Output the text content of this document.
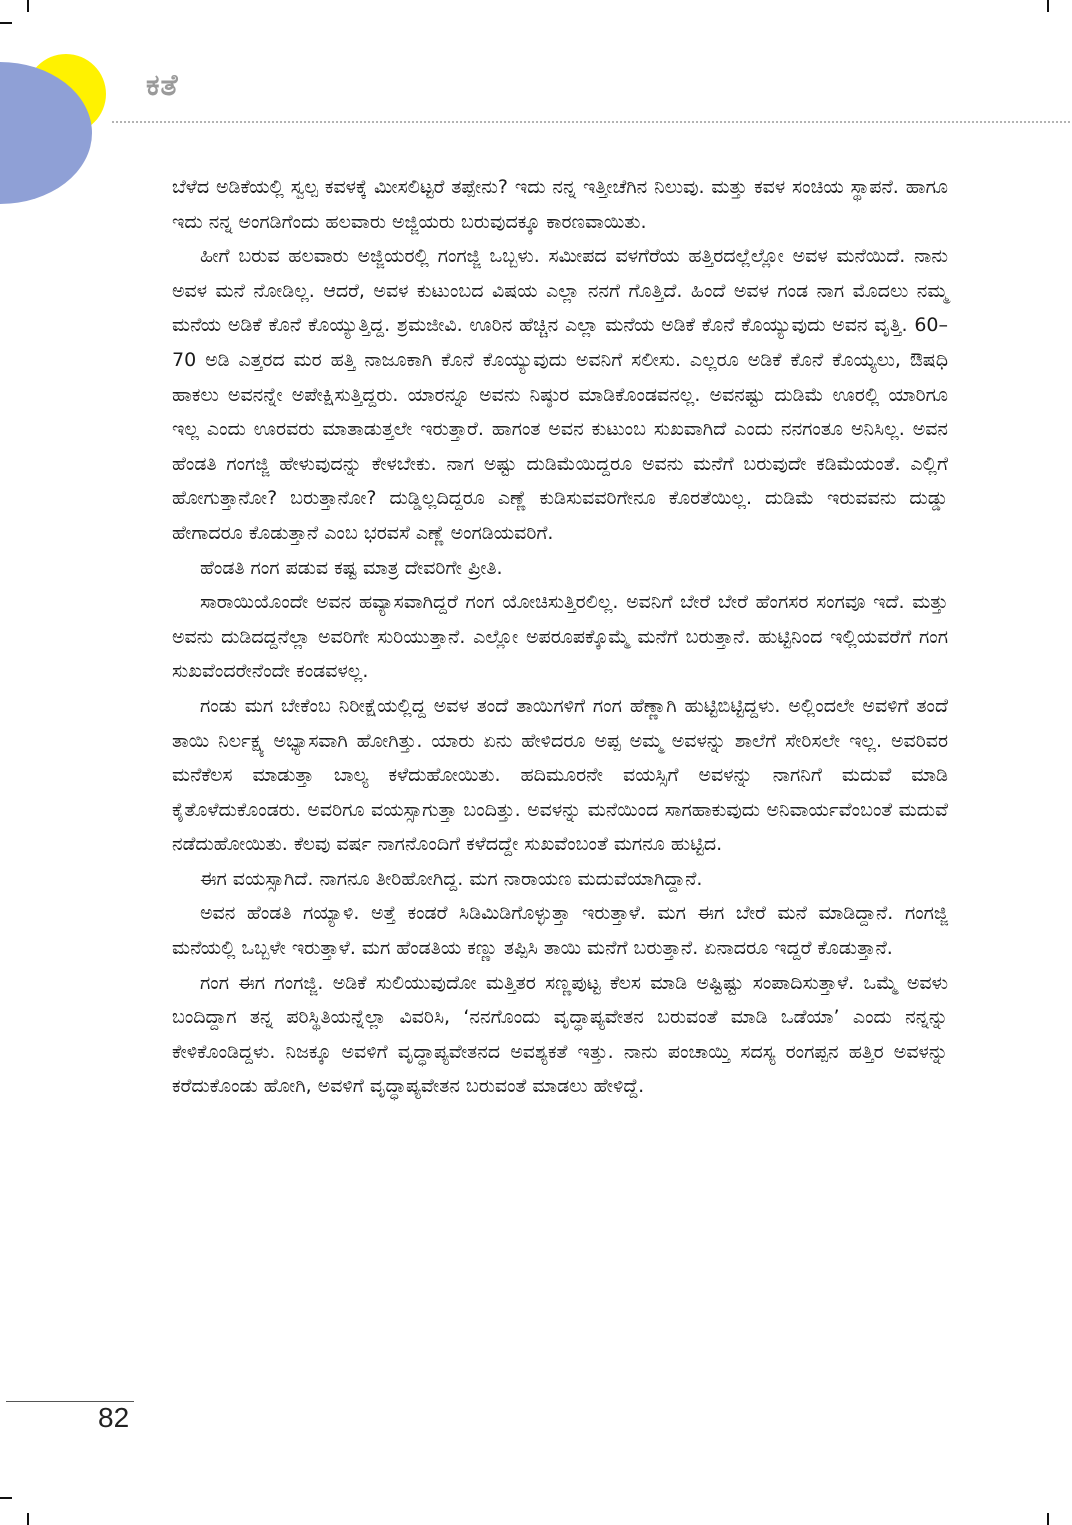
ಕತೆ

ಬೆಳೆದ ಅಡಿಕೆಯಲ್ಲಿ ಸ್ವಲ್ಪ ಕವಳಕ್ಕೆ ಮೀಸಲಿಟ್ಟರೆ ತಪ್ಪೇನು? ಇದು ನನ್ನ ಇತ್ತೀಚೆಗಿನ ನಿಲುವು. ಮತ್ತು ಕವಳ ಸಂಚಿಯ ಸ್ಥಾಪನೆ. ಹಾಗೂ ಇದು ನನ್ನ ಅಂಗಡಿಗೆಂದು ಹಲವಾರು ಅಜ್ಜಿಯರು ಬರುವುದಕ್ಕೂ ಕಾರಣವಾಯಿತು.

ಹೀಗೆ ಬರುವ ಹಲವಾರು ಅಜ್ಜಿಯರಲ್ಲಿ ಗಂಗಜ್ಜಿ ಒಬ್ಬಳು. ಸಮೀಪದ ವಳಗೆರೆಯ ಹತ್ತಿರದಲ್ಲೆಲ್ಲೋ ಅವಳ ಮನೆಯಿದೆ. ನಾನು ಅವಳ ಮನೆ ನೋಡಿಲ್ಲ. ಆದರೆ, ಅವಳ ಕುಟುಂಬದ ವಿಷಯ ಎಲ್ಲಾ ನನಗೆ ಗೊತ್ತಿದೆ. ಹಿಂದೆ ಅವಳ ಗಂಡ ನಾಗ ಮೊದಲು ನಮ್ಮ ಮನೆಯ ಅಡಿಕೆ ಕೊನೆ ಕೊಯ್ಯುತ್ತಿದ್ದ. ಶ್ರಮಜೀವಿ. ಊರಿನ ಹೆಚ್ಚಿನ ಎಲ್ಲಾ ಮನೆಯ ಅಡಿಕೆ ಕೊನೆ ಕೊಯ್ಯುವುದು ಅವನ ವೃತ್ತಿ. 60–70 ಅಡಿ ಎತ್ತರದ ಮರ ಹತ್ತಿ ನಾಜೂಕಾಗಿ ಕೊನೆ ಕೊಯ್ಯುವುದು ಅವನಿಗೆ ಸಲೀಸು. ಎಲ್ಲರೂ ಅಡಿಕೆ ಕೊನೆ ಕೊಯ್ಯಲು, ಔಷಧಿ ಹಾಕಲು ಅವನನ್ನೇ ಅಪೇಕ್ಷಿಸುತ್ತಿದ್ದರು. ಯಾರನ್ನೂ ಅವನು ನಿಷ್ಠುರ ಮಾಡಿಕೊಂಡವನಲ್ಲ. ಅವನಷ್ಟು ದುಡಿಮೆ ಊರಲ್ಲಿ ಯಾರಿಗೂ ಇಲ್ಲ ಎಂದು ಊರವರು ಮಾತಾಡುತ್ತಲೇ ಇರುತ್ತಾರೆ. ಹಾಗಂತ ಅವನ ಕುಟುಂಬ ಸುಖವಾಗಿದೆ ಎಂದು ನನಗಂತೂ ಅನಿಸಿಲ್ಲ. ಅವನ ಹೆಂಡತಿ ಗಂಗಜ್ಜಿ ಹೇಳುವುದನ್ನು ಕೇಳಬೇಕು. ನಾಗ ಅಷ್ಟು ದುಡಿಮೆಯಿದ್ದರೂ ಅವನು ಮನೆಗೆ ಬರುವುದೇ ಕಡಿಮೆಯಂತೆ. ಎಲ್ಲಿಗೆ ಹೋಗುತ್ತಾನೋ? ಬರುತ್ತಾನೋ? ದುಡ್ಡಿಲ್ಲದಿದ್ದರೂ ಎಣ್ಣೆ ಕುಡಿಸುವವರಿಗೇನೂ ಕೊರತೆಯಿಲ್ಲ. ದುಡಿಮೆ ಇರುವವನು ದುಡ್ಡು ಹೇಗಾದರೂ ಕೊಡುತ್ತಾನೆ ಎಂಬ ಭರವಸೆ ಎಣ್ಣೆ ಅಂಗಡಿಯವರಿಗೆ.

ಹೆಂಡತಿ ಗಂಗ ಪಡುವ ಕಷ್ಟ ಮಾತ್ರ ದೇವರಿಗೇ ಪ್ರೀತಿ.

ಸಾರಾಯಿಯೊಂದೇ ಅವನ ಹವ್ಯಾಸವಾಗಿದ್ದರೆ ಗಂಗ ಯೋಚಿಸುತ್ತಿರಲಿಲ್ಲ. ಅವನಿಗೆ ಬೇರೆ ಬೇರೆ ಹೆಂಗಸರ ಸಂಗವೂ ಇದೆ. ಮತ್ತು ಅವನು ದುಡಿದದ್ದನೆಲ್ಲಾ ಅವರಿಗೇ ಸುರಿಯುತ್ತಾನೆ. ಎಲ್ಲೋ ಅಪರೂಪಕ್ಕೊಮ್ಮೆ ಮನೆಗೆ ಬರುತ್ತಾನೆ. ಹುಟ್ಟಿನಿಂದ ಇಲ್ಲಿಯವರೆಗೆ ಗಂಗ ಸುಖವೆಂದರೇನೆಂದೇ ಕಂಡವಳಲ್ಲ.

ಗಂಡು ಮಗ ಬೇಕೆಂಬ ನಿರೀಕ್ಷೆಯಲ್ಲಿದ್ದ ಅವಳ ತಂದೆ ತಾಯಿಗಳಿಗೆ ಗಂಗ ಹೆಣ್ಣಾಗಿ ಹುಟ್ಟಿಬಿಟ್ಟಿದ್ದಳು. ಅಲ್ಲಿಂದಲೇ ಅವಳಿಗೆ ತಂದೆ ತಾಯಿ ನಿರ್ಲಕ್ಷ್ಯ ಅಭ್ಯಾಸವಾಗಿ ಹೋಗಿತ್ತು. ಯಾರು ಏನು ಹೇಳಿದರೂ ಅಪ್ಪ ಅಮ್ಮ ಅವಳನ್ನು ಶಾಲೆಗೆ ಸೇರಿಸಲೇ ಇಲ್ಲ. ಅವರಿವರ ಮನೆಕೆಲಸ ಮಾಡುತ್ತಾ ಬಾಲ್ಯ ಕಳೆದುಹೋಯಿತು. ಹದಿಮೂರನೇ ವಯಸ್ಸಿಗೆ ಅವಳನ್ನು ನಾಗನಿಗೆ ಮದುವೆ ಮಾಡಿ ಕೈತೊಳೆದುಕೊಂಡರು. ಅವರಿಗೂ ವಯಸ್ಸಾಗುತ್ತಾ ಬಂದಿತ್ತು. ಅವಳನ್ನು ಮನೆಯಿಂದ ಸಾಗಹಾಕುವುದು ಅನಿವಾರ್ಯವೆಂಬಂತೆ ಮದುವೆ ನಡೆದುಹೋಯಿತು. ಕೆಲವು ವರ್ಷ ನಾಗನೊಂದಿಗೆ ಕಳೆದದ್ದೇ ಸುಖವೆಂಬಂತೆ ಮಗನೂ ಹುಟ್ಟಿದ.

ಈಗ ವಯಸ್ಸಾಗಿದೆ. ನಾಗನೂ ತೀರಿಹೋಗಿದ್ದ. ಮಗ ನಾರಾಯಣ ಮದುವೆಯಾಗಿದ್ದಾನೆ.

ಅವನ ಹೆಂಡತಿ ಗಯ್ಯಾಳಿ. ಅತ್ತೆ ಕಂಡರೆ ಸಿಡಿಮಿಡಿಗೊಳ್ಳುತ್ತಾ ಇರುತ್ತಾಳೆ. ಮಗ ಈಗ ಬೇರೆ ಮನೆ ಮಾಡಿದ್ದಾನೆ. ಗಂಗಜ್ಜಿ ಮನೆಯಲ್ಲಿ ಒಬ್ಬಳೇ ಇರುತ್ತಾಳೆ. ಮಗ ಹೆಂಡತಿಯ ಕಣ್ಣು ತಪ್ಪಿಸಿ ತಾಯಿ ಮನೆಗೆ ಬರುತ್ತಾನೆ. ಏನಾದರೂ ಇದ್ದರೆ ಕೊಡುತ್ತಾನೆ.

ಗಂಗ ಈಗ ಗಂಗಜ್ಜಿ. ಅಡಿಕೆ ಸುಲಿಯುವುದೋ ಮತ್ತಿತರ ಸಣ್ಣಪುಟ್ಟ ಕೆಲಸ ಮಾಡಿ ಅಷ್ಟಿಷ್ಟು ಸಂಪಾದಿಸುತ್ತಾಳೆ. ಒಮ್ಮೆ ಅವಳು ಬಂದಿದ್ದಾಗ ತನ್ನ ಪರಿಸ್ಥಿತಿಯನ್ನೆಲ್ಲಾ ವಿವರಿಸಿ, ‘ನನಗೊಂದು ವೃದ್ಧಾಪ್ಯವೇತನ ಬರುವಂತೆ ಮಾಡಿ ಒಡೆಯಾ’ ಎಂದು ನನ್ನನ್ನು ಕೇಳಿಕೊಂಡಿದ್ದಳು. ನಿಜಕ್ಕೂ ಅವಳಿಗೆ ವೃದ್ಧಾಪ್ಯವೇತನದ ಅವಶ್ಯಕತೆ ಇತ್ತು. ನಾನು ಪಂಚಾಯ್ತಿ ಸದಸ್ಯ ರಂಗಪ್ಪನ ಹತ್ತಿರ ಅವಳನ್ನು ಕರೆದುಕೊಂಡು ಹೋಗಿ, ಅವಳಿಗೆ ವೃದ್ಧಾಪ್ಯವೇತನ ಬರುವಂತೆ ಮಾಡಲು ಹೇಳಿದ್ದೆ.

82
